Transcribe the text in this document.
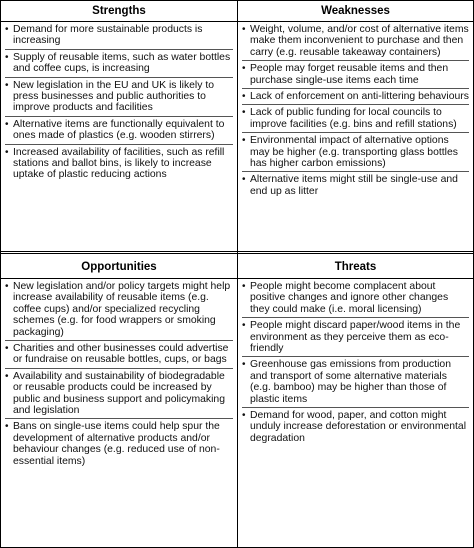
Strengths
• Demand for more sustainable products is increasing
• Supply of reusable items, such as water bottles and coffee cups, is increasing
• New legislation in the EU and UK is likely to press businesses and public authorities to improve products and facilities
• Alternative items are functionally equivalent to ones made of plastics (e.g. wooden stirrers)
• Increased availability of facilities, such as refill stations and ballot bins, is likely to increase uptake of plastic reducing actions
Weaknesses
• Weight, volume, and/or cost of alternative items make them inconvenient to purchase and then carry (e.g. reusable takeaway containers)
• People may forget reusable items and then purchase single-use items each time
• Lack of enforcement on anti-littering behaviours
• Lack of public funding for local councils to improve facilities (e.g. bins and refill stations)
• Environmental impact of alternative options may be higher (e.g. transporting glass bottles has higher carbon emissions)
• Alternative items might still be single-use and end up as litter
Opportunities
• New legislation and/or policy targets might help increase availability of reusable items (e.g. coffee cups) and/or specialized recycling schemes (e.g. for food wrappers or smoking packaging)
• Charities and other businesses could advertise or fundraise on reusable bottles, cups, or bags
• Availability and sustainability of biodegradable or reusable products could be increased by public and business support and policymaking and legislation
• Bans on single-use items could help spur the development of alternative products and/or behaviour changes (e.g. reduced use of non-essential items)
Threats
• People might become complacent about positive changes and ignore other changes they could make (i.e. moral licensing)
• People might discard paper/wood items in the environment as they perceive them as eco-friendly
• Greenhouse gas emissions from production and transport of some alternative materials (e.g. bamboo) may be higher than those of plastic items
• Demand for wood, paper, and cotton might unduly increase deforestation or environmental degradation
